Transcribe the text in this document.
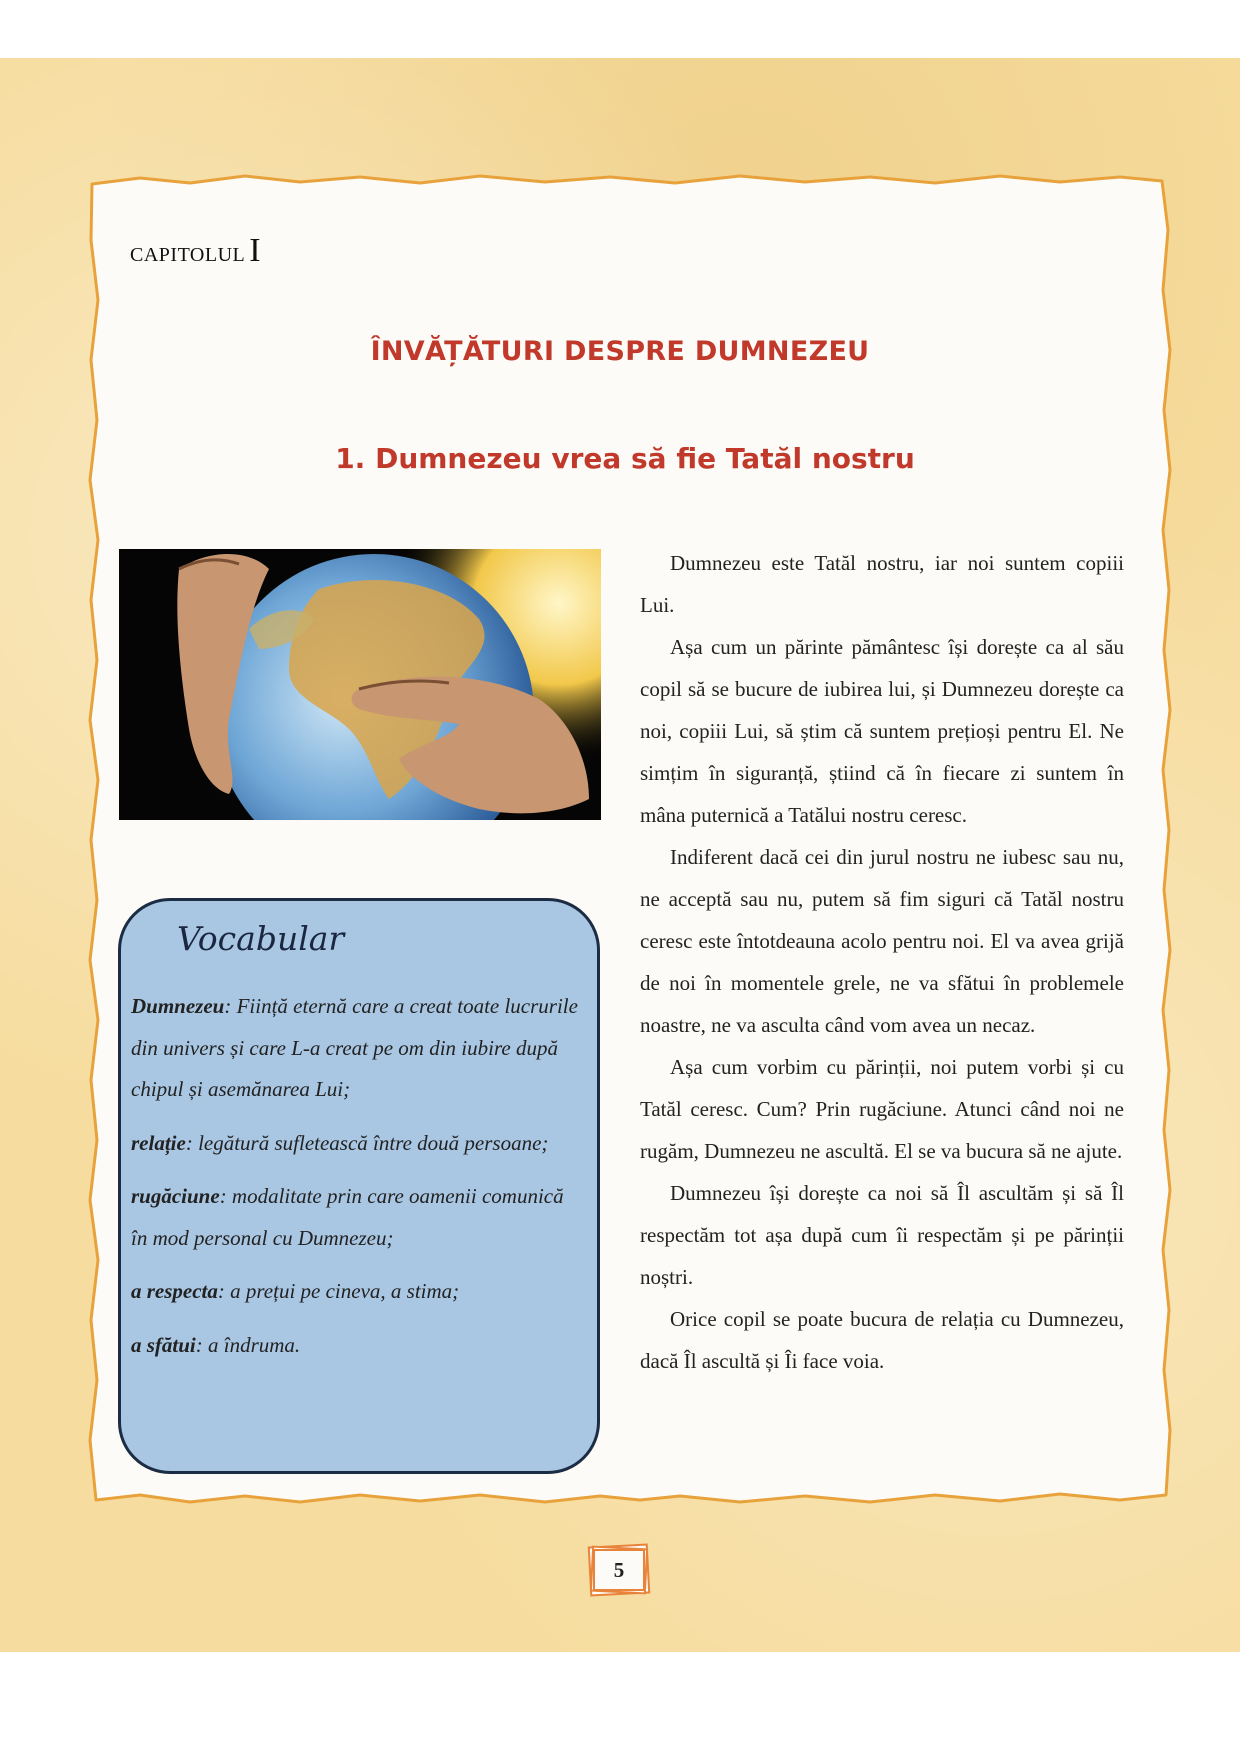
CAPITOLUL I
ÎNVĂȚĂTURI DESPRE DUMNEZEU
1. Dumnezeu vrea să fie Tatăl nostru
Vocabular
Dumnezeu: Ființă eternă care a creat toate lucrurile din univers și care L-a creat pe om din iubire după chipul și asemănarea Lui;
relație: legătură sufletească între două persoane;
rugăciune: modalitate prin care oamenii comunică în mod personal cu Dumnezeu;
a respecta: a prețui pe cineva, a stima;
a sfătui: a îndruma.

Dumnezeu este Tatăl nostru, iar noi suntem copiii Lui.

Așa cum un părinte pământesc își dorește ca al său copil să se bucure de iubirea lui, și Dumnezeu dorește ca noi, copiii Lui, să știm că suntem prețioși pentru El. Ne simțim în siguranță, știind că în fiecare zi suntem în mâna puternică a Tatălui nostru ceresc.

Indiferent dacă cei din jurul nostru ne iubesc sau nu, ne acceptă sau nu, putem să fim siguri că Tatăl nostru ceresc este întotdeauna acolo pentru noi. El va avea grijă de noi în momentele grele, ne va sfătui în problemele noastre, ne va asculta când vom avea un necaz.

Așa cum vorbim cu părinții, noi putem vorbi și cu Tatăl ceresc. Cum? Prin rugăciune. Atunci când noi ne rugăm, Dumnezeu ne ascultă. El se va bucura să ne ajute.

Dumnezeu își dorește ca noi să Îl ascultăm și să Îl respectăm tot așa după cum îi respectăm și pe părinții noștri.

Orice copil se poate bucura de relația cu Dumnezeu, dacă Îl ascultă și Îi face voia.

5
